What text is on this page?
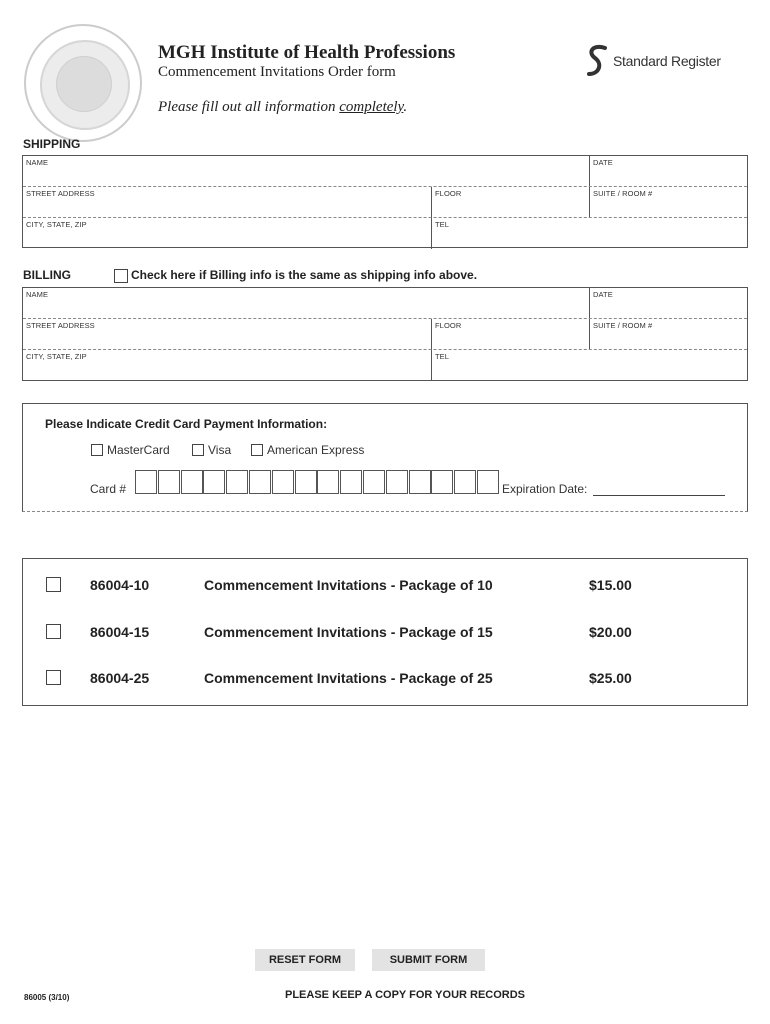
MGH Institute of Health Professions
Commencement Invitations Order form
Please fill out all information completely.
Standard Register
SHIPPING
NAME	DATE
STREET ADDRESS	FLOOR	SUITE / ROOM #
CITY, STATE, ZIP	TEL
BILLING	Check here if Billing info is the same as shipping info above.
NAME	DATE
STREET ADDRESS	FLOOR	SUITE / ROOM #
CITY, STATE, ZIP	TEL
Please Indicate Credit Card Payment Information:
MasterCard	Visa	American Express
Card #	Expiration Date:
86004-10	Commencement Invitations - Package of 10	$15.00
86004-15	Commencement Invitations - Package of 15	$20.00
86004-25	Commencement Invitations - Package of 25	$25.00
RESET FORM	SUBMIT FORM
86005 (3/10)	PLEASE KEEP A COPY FOR YOUR RECORDS
